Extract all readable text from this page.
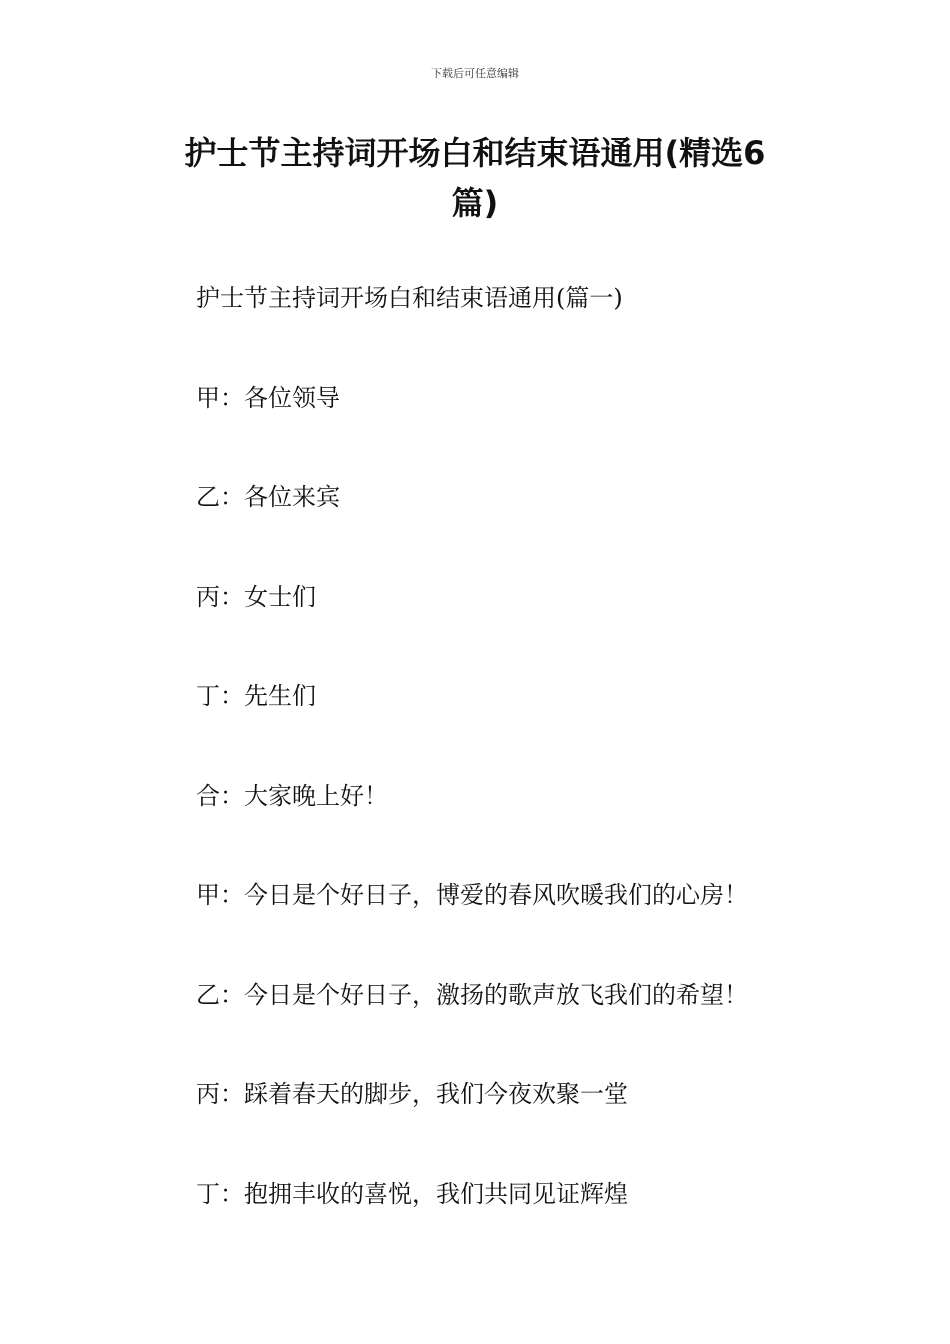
下载后可任意编辑
护士节主持词开场白和结束语通用(精选6
篇)
护士节主持词开场白和结束语通用(篇一)
甲：各位领导
乙：各位来宾
丙：女士们
丁：先生们
合：大家晚上好！
甲：今日是个好日子，博爱的春风吹暖我们的心房！
乙：今日是个好日子，激扬的歌声放飞我们的希望！
丙：踩着春天的脚步，我们今夜欢聚一堂
丁：抱拥丰收的喜悦，我们共同见证辉煌
